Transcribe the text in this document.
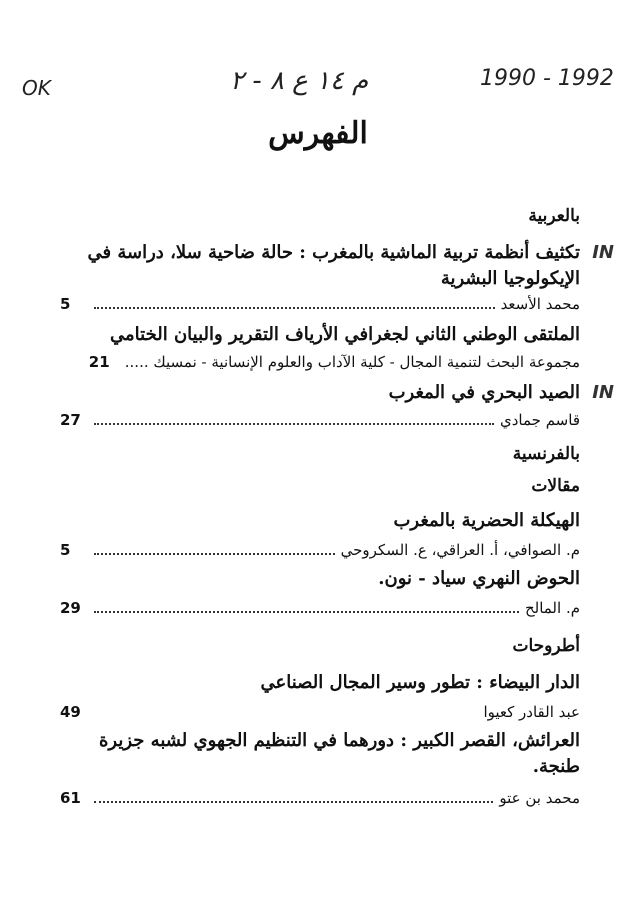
OK	م ١٤ ع ٨ - ٢	1990 - 1992
الفهرس
بالعربية
تكثيف أنظمة تربية الماشية بالمغرب : حالة ضاحية سلا، دراسة في IN
الإيكولوجيا البشرية
محمد الأسعد
5
الملتقى الوطني الثاني لجغرافي الأرياف التقرير والبيان الختامي
مجموعة البحث لتنمية المجال - كلية الآداب والعلوم الإنسانية - نمسيك .....
21
الصيد البحري في المغرب IN
قاسم جمادي
27
بالفرنسية
مقالات
الهيكلة الحضرية بالمغرب
م. الصوافي، أ. العراقي، ع. السكروحي
5
الحوض النهري سياد - نون.
م. المالح
29
أطروحات
الدار البيضاء : تطور وسير المجال الصناعي
عبد القادر كعيوا
49
العرائش، القصر الكبير : دورهما في التنظيم الجهوي لشبه جزيرة طنجة.
محمد بن عتو
61
